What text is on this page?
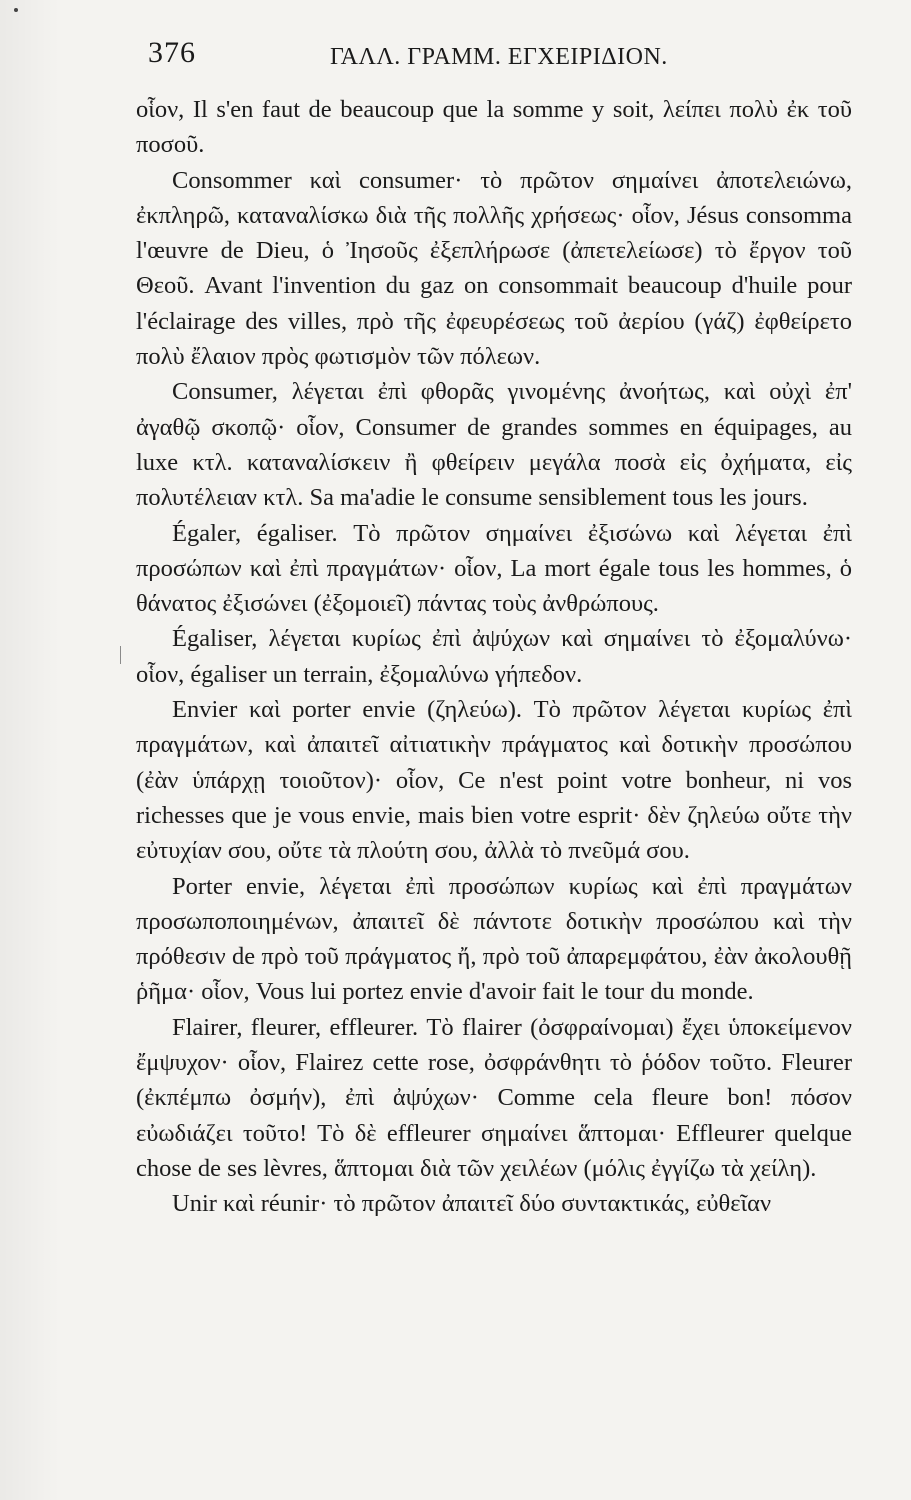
376	ΓΑΛΛ. ΓΡΑΜΜ. ΕΓΧΕΙΡΙΔΙΟΝ.

οἷον, Il s'en faut de beaucoup que la somme y soit, λείπει πολὺ ἐκ τοῦ ποσοῦ.

Consommer καὶ consumer· τὸ πρῶτον σημαίνει ἀποτελειώνω, ἐκπληρῶ, καταναλίσκω διὰ τῆς πολλῆς χρήσεως· οἷον, Jésus consomma l'œuvre de Dieu, ὁ Ἰησοῦς ἐξεπλήρωσε (ἀπετελείωσε) τὸ ἔργον τοῦ Θεοῦ. Avant l'invention du gaz on consommait beaucoup d'huile pour l'éclairage des villes, πρὸ τῆς ἐφευρέσεως τοῦ ἀερίου (γάζ) ἐφθείρετο πολὺ ἔλαιον πρὸς φωτισμὸν τῶν πόλεων.

Consumer, λέγεται ἐπὶ φθορᾶς γινομένης ἀνοήτως, καὶ οὐχὶ ἐπ' ἀγαθῷ σκοπῷ· οἷον, Consumer de grandes sommes en équipages, au luxe κτλ. καταναλίσκειν ἢ φθείρειν μεγάλα ποσὰ εἰς ὀχήματα, εἰς πολυτέλειαν κτλ. Sa ma'adie le consume sensiblement tous les jours.

Égaler, égaliser. Τὸ πρῶτον σημαίνει ἐξισώνω καὶ λέγεται ἐπὶ προσώπων καὶ ἐπὶ πραγμάτων· οἷον, La mort égale tous les hommes, ὁ θάνατος ἐξισώνει (ἐξομοιεῖ) πάντας τοὺς ἀνθρώπους.

Égaliser, λέγεται κυρίως ἐπὶ ἀψύχων καὶ σημαίνει τὸ ἐξομαλύνω· οἷον, égaliser un terrain, ἐξομαλύνω γήπεδον.

Envier καὶ porter envie (ζηλεύω). Τὸ πρῶτον λέγεται κυρίως ἐπὶ πραγμάτων, καὶ ἀπαιτεῖ αἰτιατικὴν πράγματος καὶ δοτικὴν προσώπου (ἐὰν ὑπάρχῃ τοιοῦτον)· οἷον, Ce n'est point votre bonheur, ni vos richesses que je vous envie, mais bien votre esprit· δὲν ζηλεύω οὔτε τὴν εὐτυχίαν σου, οὔτε τὰ πλούτη σου, ἀλλὰ τὸ πνεῦμά σου.

Porter envie, λέγεται ἐπὶ προσώπων κυρίως καὶ ἐπὶ πραγμάτων προσωποποιημένων, ἀπαιτεῖ δὲ πάντοτε δοτικὴν προσώπου καὶ τὴν πρόθεσιν de πρὸ τοῦ πράγματος ἤ, πρὸ τοῦ ἀπαρεμφάτου, ἐὰν ἀκολουθῇ ῥῆμα· οἷον, Vous lui portez envie d'avoir fait le tour du monde.

Flairer, fleurer, effleurer. Τὸ flairer (ὀσφραίνομαι) ἔχει ὑποκείμενον ἔμψυχον· οἷον, Flairez cette rose, ὀσφράνθητι τὸ ῥόδον τοῦτο. Fleurer (ἐκπέμπω ὀσμήν), ἐπὶ ἀψύχων· Comme cela fleure bon! πόσον εὐωδιάζει τοῦτο! Τὸ δὲ effleurer σημαίνει ἅπτομαι· Effleurer quelque chose de ses lèvres, ἅπτομαι διὰ τῶν χειλέων (μόλις ἐγγίζω τὰ χείλη).

Unir καὶ réunir· τὸ πρῶτον ἀπαιτεῖ δύο συντακτικάς, εὐθεῖαν
